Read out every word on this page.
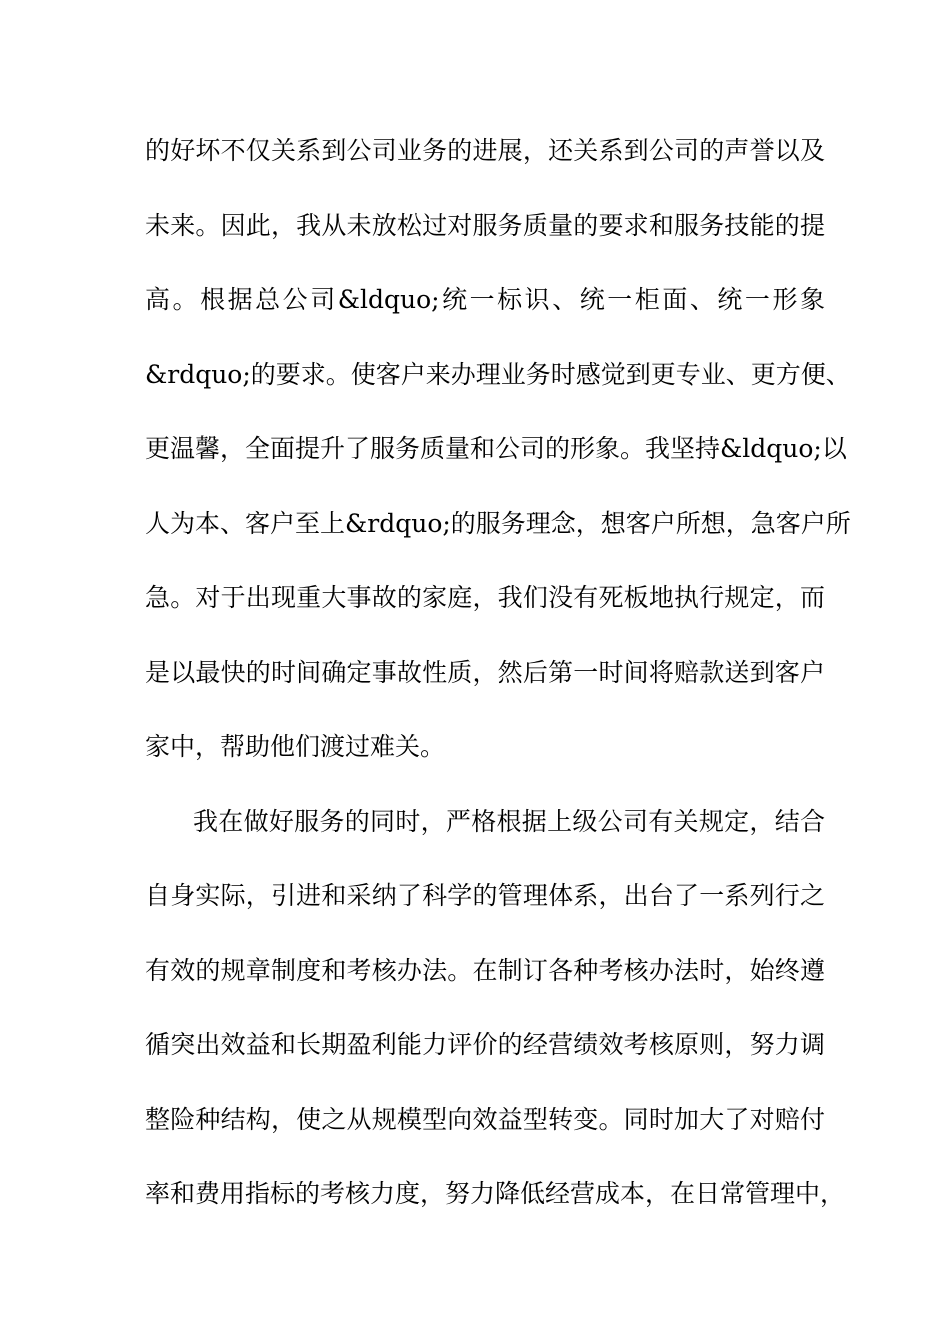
的好坏不仅关系到公司业务的进展，还关系到公司的声誉以及
未来。因此，我从未放松过对服务质量的要求和服务技能的提
高。根据总公司&ldquo;统一标识、统一柜面、统一形象
&rdquo;的要求。使客户来办理业务时感觉到更专业、更方便、
更温馨，全面提升了服务质量和公司的形象。我坚持&ldquo;以
人为本、客户至上&rdquo;的服务理念，想客户所想，急客户所
急。对于出现重大事故的家庭，我们没有死板地执行规定，而
是以最快的时间确定事故性质，然后第一时间将赔款送到客户
家中，帮助他们渡过难关。
我在做好服务的同时，严格根据上级公司有关规定，结合
自身实际，引进和采纳了科学的管理体系，出台了一系列行之
有效的规章制度和考核办法。在制订各种考核办法时，始终遵
循突出效益和长期盈利能力评价的经营绩效考核原则，努力调
整险种结构，使之从规模型向效益型转变。同时加大了对赔付
率和费用指标的考核力度，努力降低经营成本，在日常管理中，
